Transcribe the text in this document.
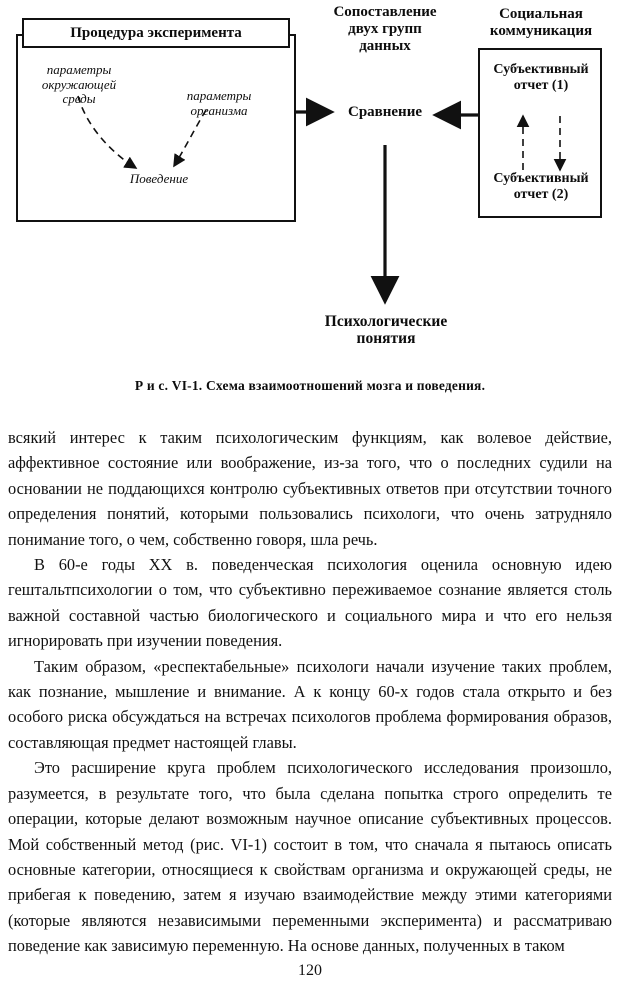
Процедура эксперимента
параметры
окружающей
среды	параметры
организма
Поведение
Сопоставление
двух групп
данных
Сравнение
Социальная
коммуникация
Субъективный
отчет (1)
Субъективный
отчет (2)
Психологические
понятия
Р и с. VI-1. Схема взаимоотношений мозга и поведения.

всякий интерес к таким психологическим функциям, как волевое действие, аффективное состояние или воображение, из-за того, что о последних судили на основании не поддающихся контролю субъективных ответов при отсутствии точного определения понятий, которыми пользовались психологи, что очень затрудняло понимание того, о чем, собственно говоря, шла речь.

В 60-е годы XX в. поведенческая психология оценила основную идею гештальтпсихологии о том, что субъективно переживаемое сознание является столь важной составной частью биологического и социального мира и что его нельзя игнорировать при изучении поведения.

Таким образом, «респектабельные» психологи начали изучение таких проблем, как познание, мышление и внимание. А к концу 60-х годов стала открыто и без особого риска обсуждаться на встречах психологов проблема формирования образов, составляющая предмет настоящей главы.

Это расширение круга проблем психологического исследования произошло, разумеется, в результате того, что была сделана попытка строго определить те операции, которые делают возможным научное описание субъективных процессов. Мой собственный метод (рис. VI-1) состоит в том, что сначала я пытаюсь описать основные категории, относящиеся к свойствам организма и окружающей среды, не прибегая к поведению, затем я изучаю взаимодействие между этими категориями (которые являются независимыми переменными эксперимента) и рассматриваю поведение как зависимую переменную. На основе данных, полученных в таком

120
